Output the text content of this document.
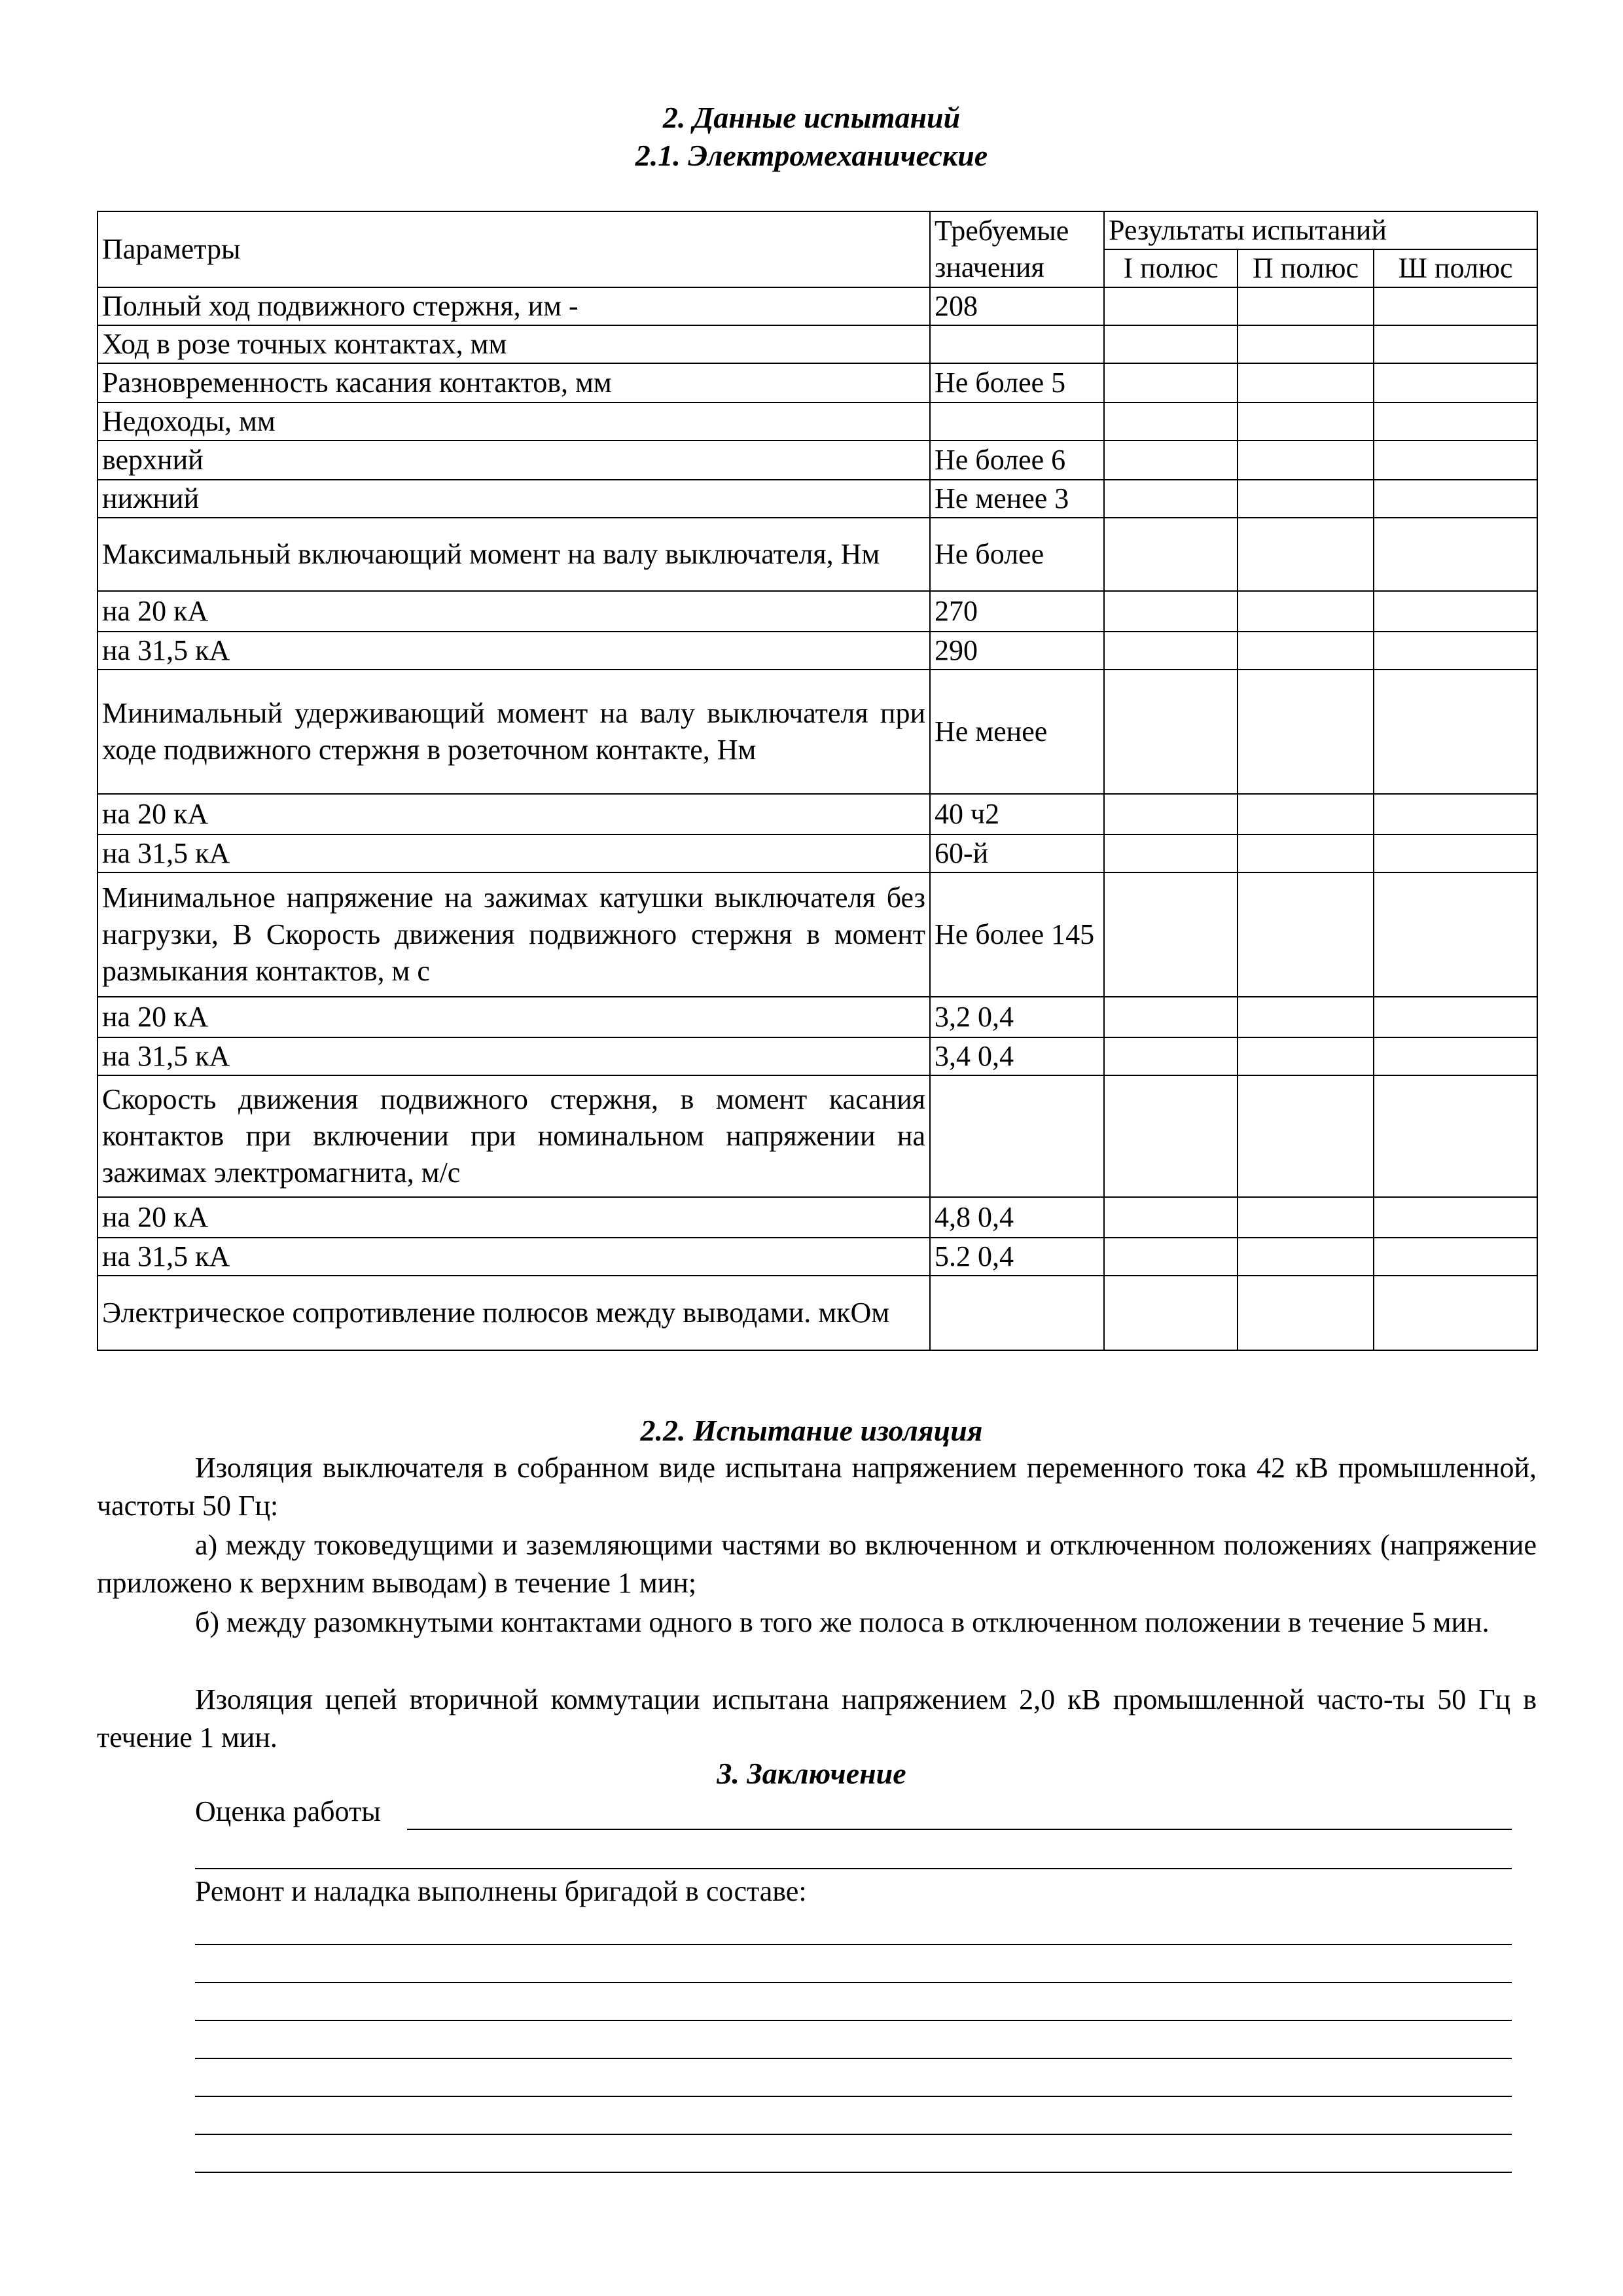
2. Данные испытаний
2.1. Электромеханические
Параметры	Требуемые значения	Результаты испытаний		
		I полюс	П полюс	Ш полюс
Полный ход подвижного стержня, им -	208			
Ход в розе точных контактах, мм				
Разновременность касания контактов, мм	Не более 5			
Недоходы, мм				
верхний	Не более 6			
нижний	Не менее 3			
Максимальный включающий момент на валу выключателя, Нм	Не более			
на 20 кА	270			
на 31,5 кА	290			
Минимальный удерживающий момент на валу выключателя при ходе подвижного стержня в розеточном контакте, Нм	Не менее			
на 20 кА	40 ч2			
на 31,5 кА	60-й			
Минимальное напряжение на зажимах катушки выключателя без нагрузки, В Скорость движения подвижного стержня в момент размыкания контактов, м с	Не более 145			
на 20 кА	3,2 0,4			
на 31,5 кА	3,4 0,4			
Скорость движения подвижного стержня, в момент касания контактов при включении при номинальном напряжении на зажимах электромагнита, м/с				
на 20 кА	4,8 0,4			
на 31,5 кА	5.2 0,4			
Электрическое сопротивление полюсов между выводами. мкОм				
2.2. Испытание изоляция
Изоляция выключателя в собранном виде испытана напряжением переменного тока 42 кВ промышленной, частоты 50 Гц:
а) между токоведущими и заземляющими частями во включенном и отключенном положениях (напряжение приложено к верхним выводам) в течение 1 мин;
б) между разомкнутыми контактами одного в того же полоса в отключенном положении в течение 5 мин.
Изоляция цепей вторичной коммутации испытана напряжением 2,0 кВ промышленной часто-ты 50 Гц в течение 1 мин.
3. Заключение
Оценка работы
Ремонт и наладка выполнены бригадой в составе:
